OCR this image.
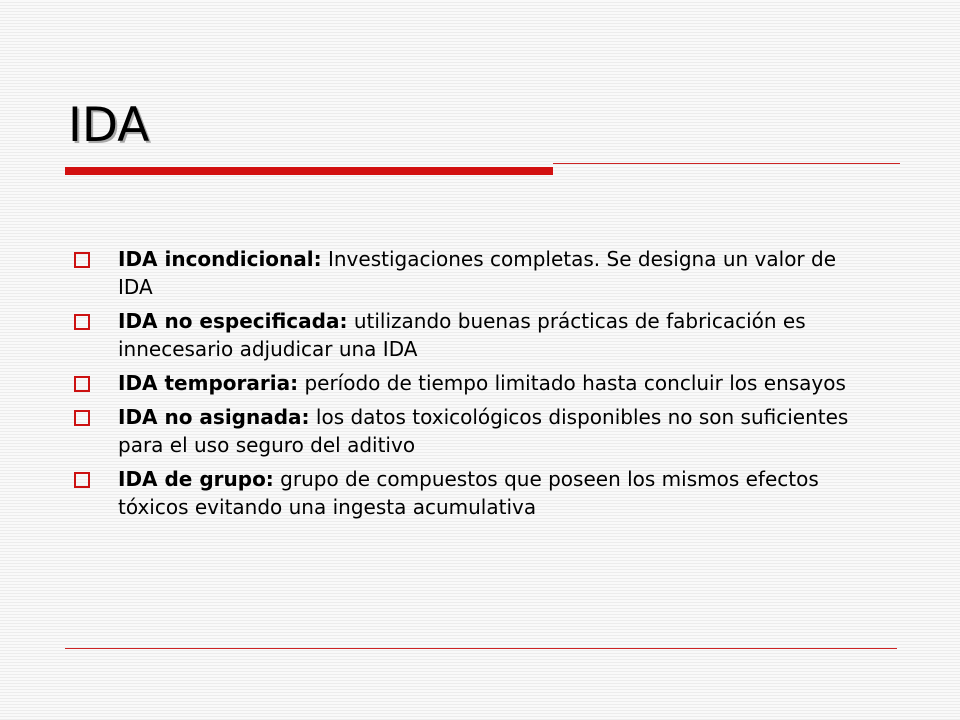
IDA
IDA incondicional: Investigaciones completas. Se designa un valor de IDA
IDA no especificada: utilizando buenas prácticas de fabricación es innecesario adjudicar una IDA
IDA temporaria: período de tiempo limitado hasta concluir los ensayos
IDA no asignada: los datos toxicológicos disponibles no son suficientes para el uso seguro del aditivo
IDA de grupo: grupo de compuestos que poseen los mismos efectos tóxicos evitando una ingesta acumulativa
